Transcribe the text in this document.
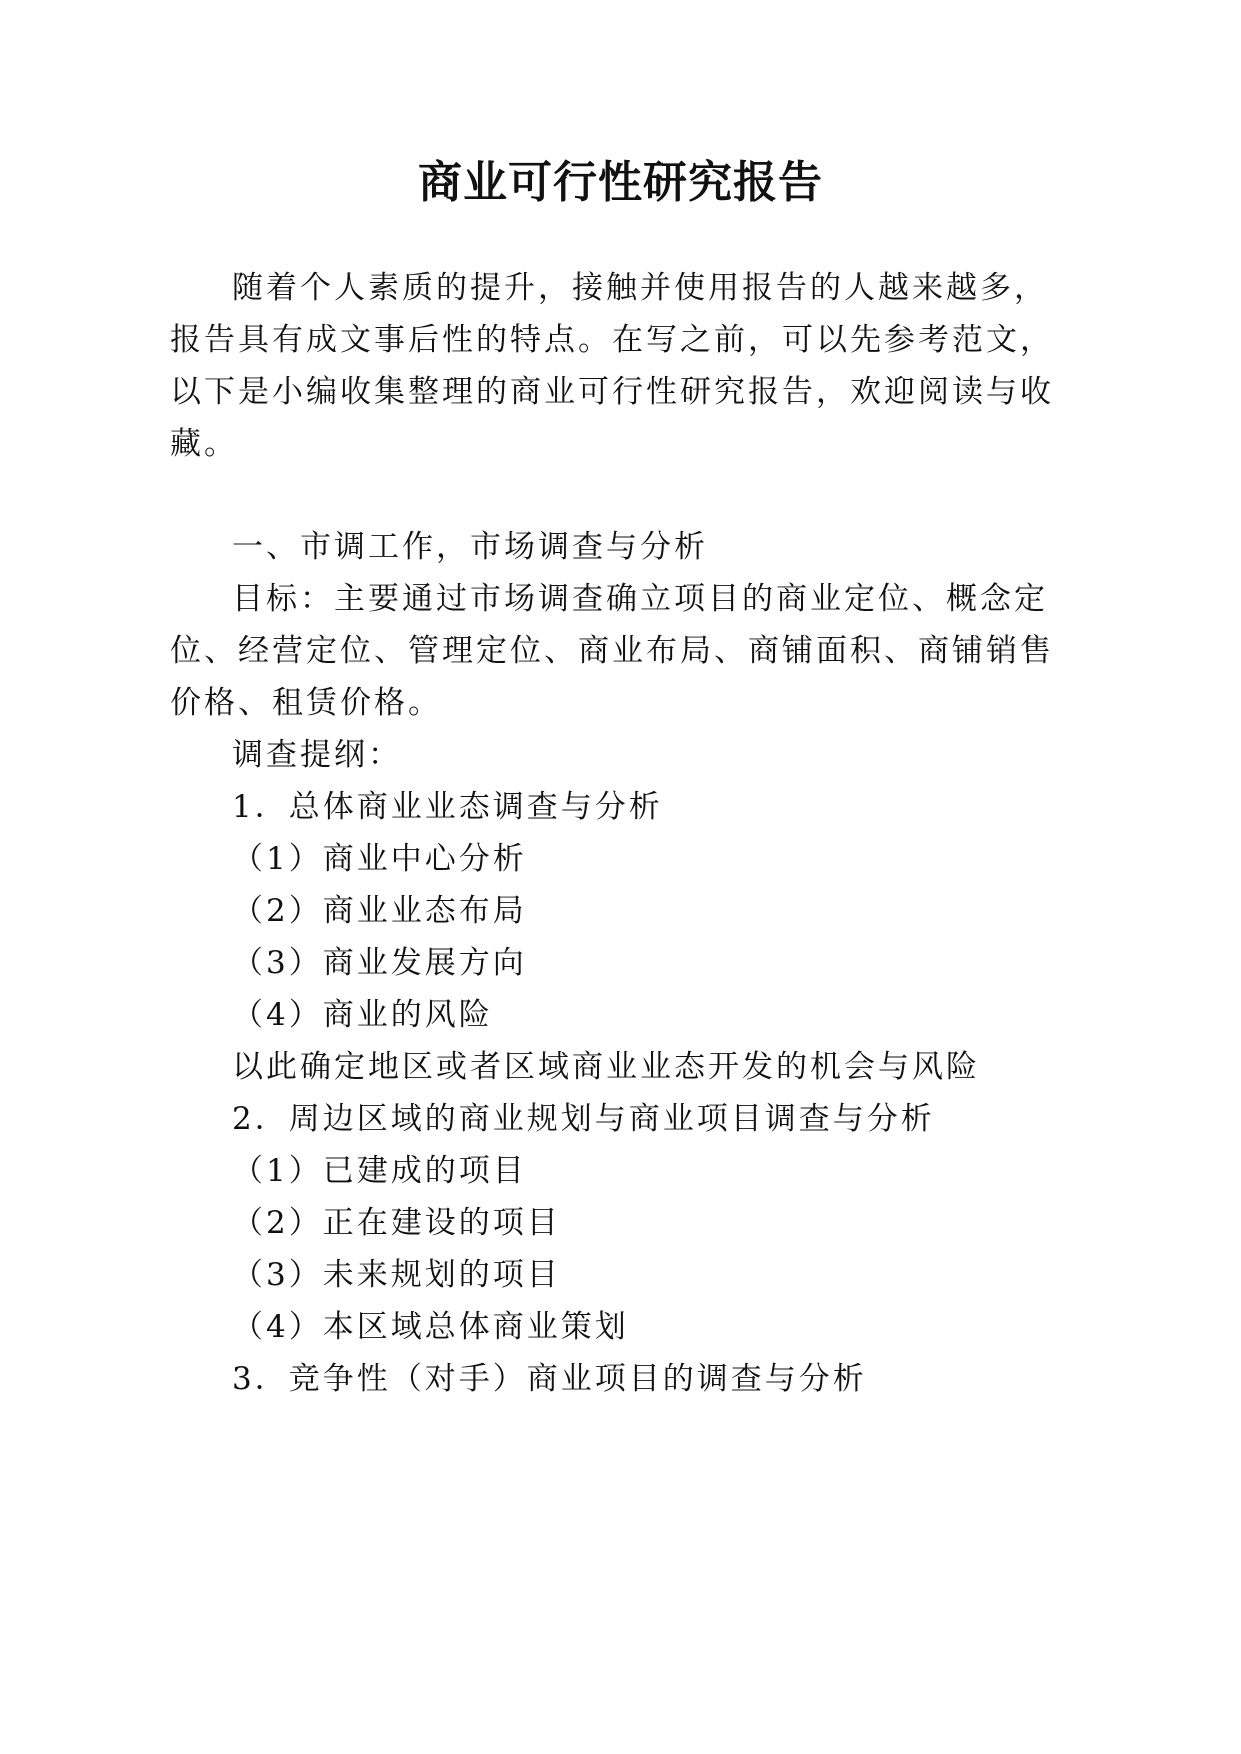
商业可行性研究报告
随着个人素质的提升，接触并使用报告的人越来越多，
报告具有成文事后性的特点。在写之前，可以先参考范文，
以下是小编收集整理的商业可行性研究报告，欢迎阅读与收
藏。
一、市调工作，市场调查与分析
目标：主要通过市场调查确立项目的商业定位、概念定
位、经营定位、管理定位、商业布局、商铺面积、商铺销售
价格、租赁价格。
调查提纲：
1．总体商业业态调查与分析
（1）商业中心分析
（2）商业业态布局
（3）商业发展方向
（4）商业的风险
以此确定地区或者区域商业业态开发的机会与风险
2．周边区域的商业规划与商业项目调查与分析
（1）已建成的项目
（2）正在建设的项目
（3）未来规划的项目
（4）本区域总体商业策划
3．竞争性（对手）商业项目的调查与分析
